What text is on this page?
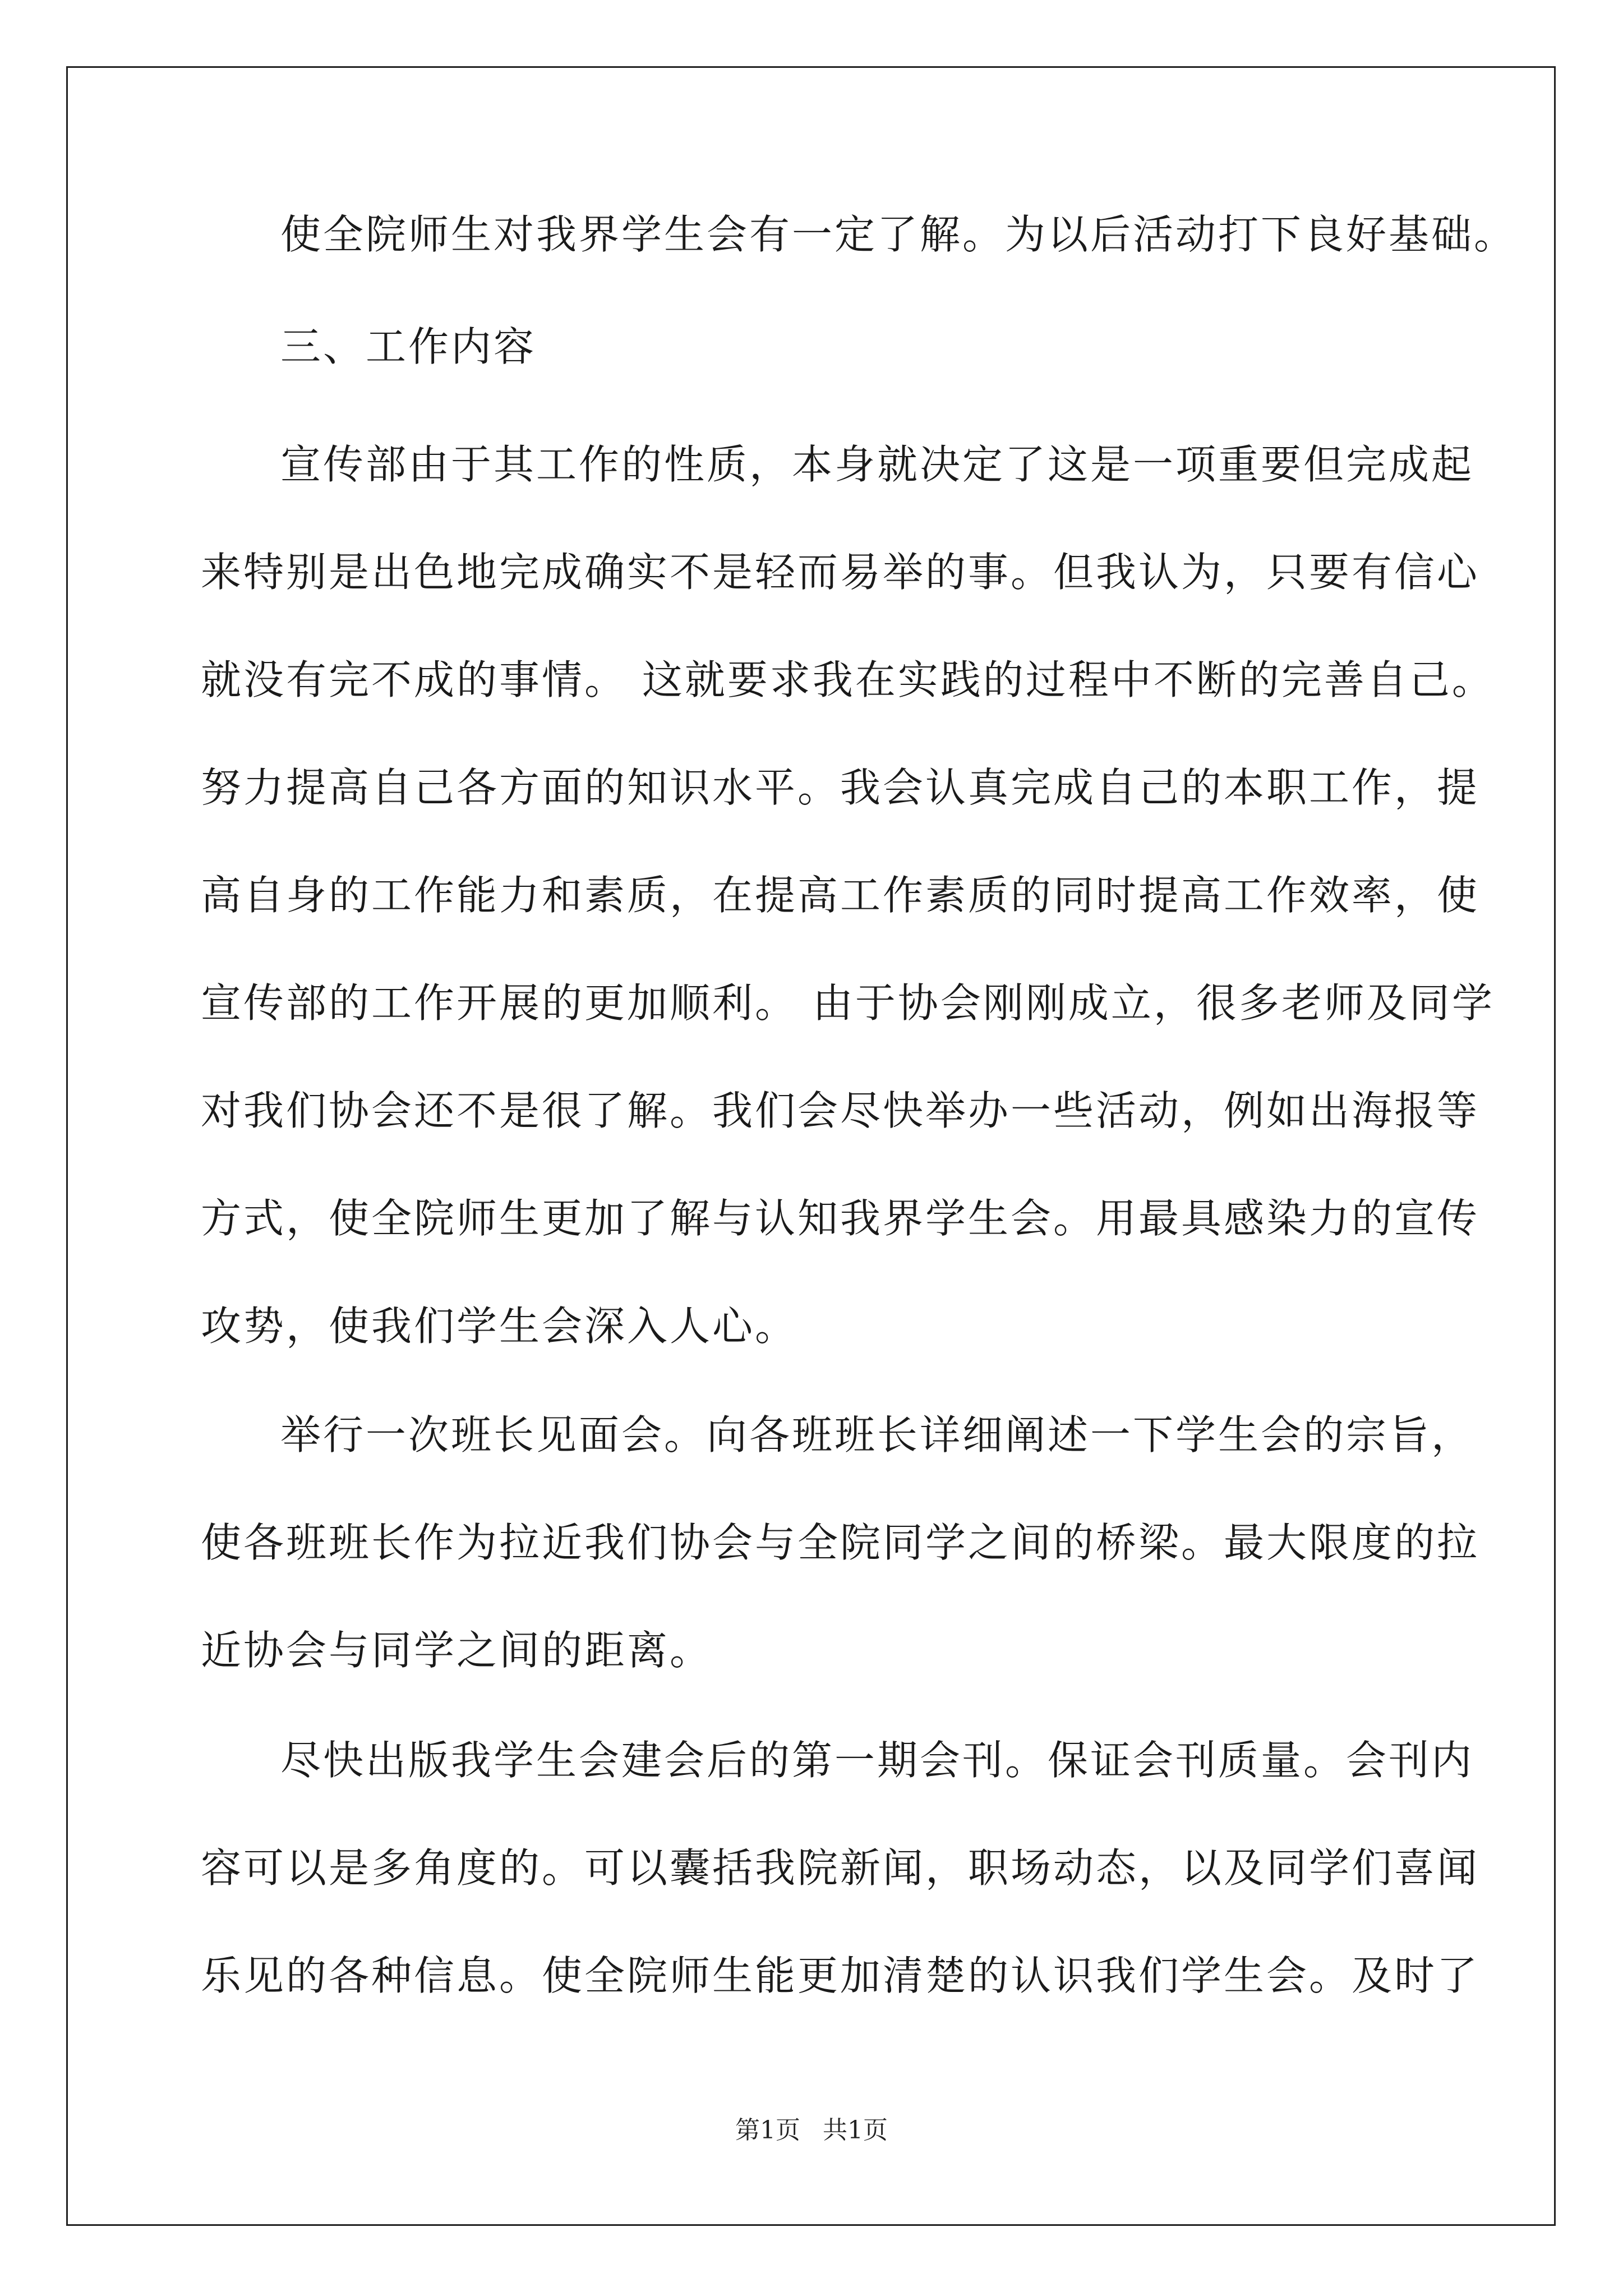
使全院师生对我界学生会有一定了解。为以后活动打下良好基础。
三、工作内容
宣传部由于其工作的性质，本身就决定了这是一项重要但完成起
来特别是出色地完成确实不是轻而易举的事。但我认为，只要有信心
就没有完不成的事情。 这就要求我在实践的过程中不断的完善自己。
努力提高自己各方面的知识水平。我会认真完成自己的本职工作，提
高自身的工作能力和素质，在提高工作素质的同时提高工作效率，使
宣传部的工作开展的更加顺利。 由于协会刚刚成立，很多老师及同学
对我们协会还不是很了解。我们会尽快举办一些活动，例如出海报等
方式，使全院师生更加了解与认知我界学生会。用最具感染力的宣传
攻势，使我们学生会深入人心。
举行一次班长见面会。向各班班长详细阐述一下学生会的宗旨，
使各班班长作为拉近我们协会与全院同学之间的桥梁。最大限度的拉
近协会与同学之间的距离。
尽快出版我学生会建会后的第一期会刊。保证会刊质量。会刊内
容可以是多角度的。可以囊括我院新闻，职场动态，以及同学们喜闻
乐见的各种信息。使全院师生能更加清楚的认识我们学生会。及时了
第1页 共1页
